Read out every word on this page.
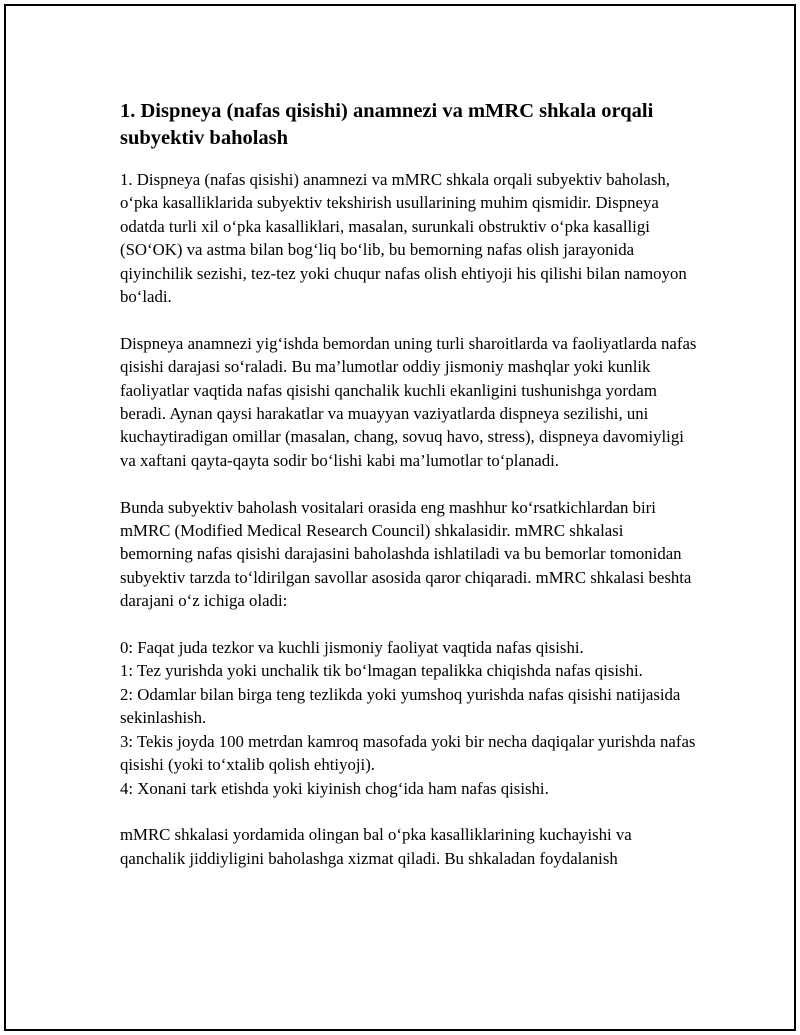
1. Dispneya (nafas qisishi) anamnezi va mMRC shkala orqali subyektiv baholash

1. Dispneya (nafas qisishi) anamnezi va mMRC shkala orqali subyektiv baholash, o‘pka kasalliklarida subyektiv tekshirish usullarining muhim qismidir. Dispneya odatda turli xil o‘pka kasalliklari, masalan, surunkali obstruktiv o‘pka kasalligi (SO‘OK) va astma bilan bog‘liq bo‘lib, bu bemorning nafas olish jarayonida qiyinchilik sezishi, tez-tez yoki chuqur nafas olish ehtiyoji his qilishi bilan namoyon bo‘ladi.

Dispneya anamnezi yig‘ishda bemordan uning turli sharoitlarda va faoliyatlarda nafas qisishi darajasi so‘raladi. Bu ma’lumotlar oddiy jismoniy mashqlar yoki kunlik faoliyatlar vaqtida nafas qisishi qanchalik kuchli ekanligini tushunishga yordam beradi. Aynan qaysi harakatlar va muayyan vaziyatlarda dispneya sezilishi, uni kuchaytiradigan omillar (masalan, chang, sovuq havo, stress), dispneya davomiyligi va xaftani qayta-qayta sodir bo‘lishi kabi ma’lumotlar to‘planadi.

Bunda subyektiv baholash vositalari orasida eng mashhur ko‘rsatkichlardan biri mMRC (Modified Medical Research Council) shkalasidir. mMRC shkalasi bemorning nafas qisishi darajasini baholashda ishlatiladi va bu bemorlar tomonidan subyektiv tarzda to‘ldirilgan savollar asosida qaror chiqaradi. mMRC shkalasi beshta darajani o‘z ichiga oladi:

0: Faqat juda tezkor va kuchli jismoniy faoliyat vaqtida nafas qisishi.

1: Tez yurishda yoki unchalik tik bo‘lmagan tepalikka chiqishda nafas qisishi.

2: Odamlar bilan birga teng tezlikda yoki yumshoq yurishda nafas qisishi natijasida sekinlashish.

3: Tekis joyda 100 metrdan kamroq masofada yoki bir necha daqiqalar yurishda nafas qisishi (yoki to‘xtalib qolish ehtiyoji).

4: Xonani tark etishda yoki kiyinish chog‘ida ham nafas qisishi.

mMRC shkalasi yordamida olingan bal o‘pka kasalliklarining kuchayishi va qanchalik jiddiyligini baholashga xizmat qiladi. Bu shkaladan foydalanish
